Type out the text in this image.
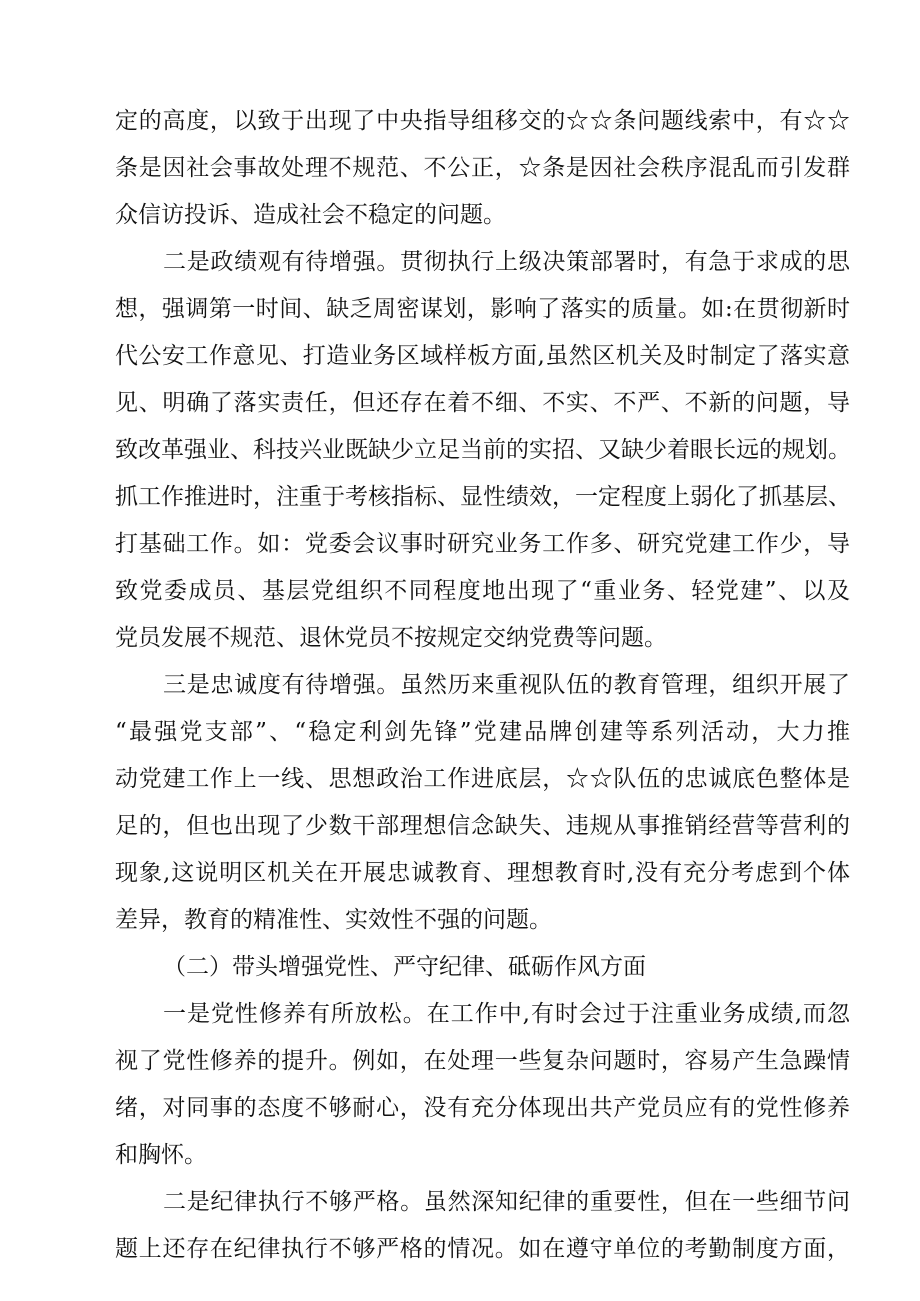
定的高度，以致于出现了中央指导组移交的☆☆条问题线索中，有☆☆
条是因社会事故处理不规范、不公正，☆条是因社会秩序混乱而引发群
众信访投诉、造成社会不稳定的问题。
二是政绩观有待增强。贯彻执行上级决策部署时，有急于求成的思
想，强调第一时间、缺乏周密谋划，影响了落实的质量。如:在贯彻新时
代公安工作意见、打造业务区域样板方面,虽然区机关及时制定了落实意
见、明确了落实责任，但还存在着不细、不实、不严、不新的问题，导
致改革强业、科技兴业既缺少立足当前的实招、又缺少着眼长远的规划。
抓工作推进时，注重于考核指标、显性绩效，一定程度上弱化了抓基层、
打基础工作。如：党委会议事时研究业务工作多、研究党建工作少，导
致党委成员、基层党组织不同程度地出现了“重业务、轻党建”、以及
党员发展不规范、退休党员不按规定交纳党费等问题。
三是忠诚度有待增强。虽然历来重视队伍的教育管理，组织开展了
“最强党支部”、“稳定利剑先锋”党建品牌创建等系列活动，大力推
动党建工作上一线、思想政治工作进底层，☆☆队伍的忠诚底色整体是
足的，但也出现了少数干部理想信念缺失、违规从事推销经营等营利的
现象,这说明区机关在开展忠诚教育、理想教育时,没有充分考虑到个体
差异，教育的精准性、实效性不强的问题。
（二）带头增强党性、严守纪律、砥砺作风方面
一是党性修养有所放松。在工作中,有时会过于注重业务成绩,而忽
视了党性修养的提升。例如，在处理一些复杂问题时，容易产生急躁情
绪，对同事的态度不够耐心，没有充分体现出共产党员应有的党性修养
和胸怀。
二是纪律执行不够严格。虽然深知纪律的重要性，但在一些细节问
题上还存在纪律执行不够严格的情况。如在遵守单位的考勤制度方面，
